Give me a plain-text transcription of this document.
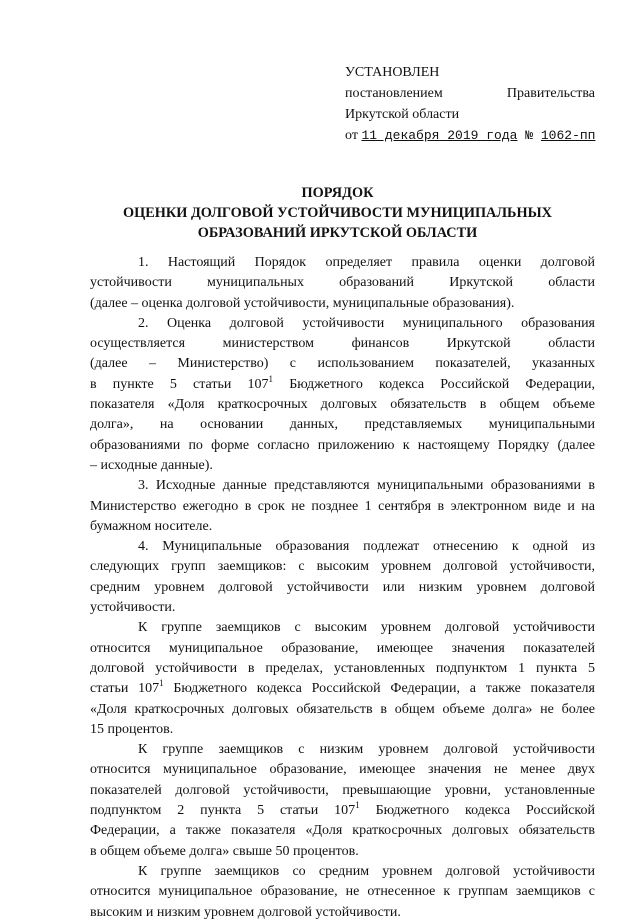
УСТАНОВЛЕН
постановлением	Правительства
Иркутской области
от 11 декабря 2019 года № 1062-пп
ПОРЯДОК
ОЦЕНКИ ДОЛГОВОЙ УСТОЙЧИВОСТИ МУНИЦИПАЛЬНЫХ
ОБРАЗОВАНИЙ ИРКУТСКОЙ ОБЛАСТИ
1. Настоящий Порядок определяет правила оценки долговой
устойчивости муниципальных образований Иркутской области
(далее – оценка долговой устойчивости, муниципальные образования).
2. Оценка долговой устойчивости муниципального образования
осуществляется министерством финансов Иркутской области
(далее – Министерство) с использованием показателей, указанных
в пункте 5 статьи $107^1$ Бюджетного кодекса Российской Федерации,
показателя «Доля краткосрочных долговых обязательств в общем объеме
долга», на основании данных, представляемых муниципальными
образованиями по форме согласно приложению к настоящему Порядку (далее
– исходные данные).
3. Исходные данные представляются муниципальными образованиями в
Министерство ежегодно в срок не позднее 1 сентября в электронном виде и на
бумажном носителе.
4. Муниципальные образования подлежат отнесению к одной из
следующих групп заемщиков: с высоким уровнем долговой устойчивости,
средним уровнем долговой устойчивости или низким уровнем долговой
устойчивости.
К группе заемщиков с высоким уровнем долговой устойчивости
относится муниципальное образование, имеющее значения показателей
долговой устойчивости в пределах, установленных подпунктом 1 пункта 5
статьи $107^1$ Бюджетного кодекса Российской Федерации, а также показателя
«Доля краткосрочных долговых обязательств в общем объеме долга» не более
15 процентов.
К группе заемщиков с низким уровнем долговой устойчивости
относится муниципальное образование, имеющее значения не менее двух
показателей долговой устойчивости, превышающие уровни, установленные
подпунктом 2 пункта 5 статьи $107^1$ Бюджетного кодекса Российской
Федерации, а также показателя «Доля краткосрочных долговых обязательств
в общем объеме долга» свыше 50 процентов.
К группе заемщиков со средним уровнем долговой устойчивости
относится муниципальное образование, не отнесенное к группам заемщиков с
высоким и низким уровнем долговой устойчивости.
